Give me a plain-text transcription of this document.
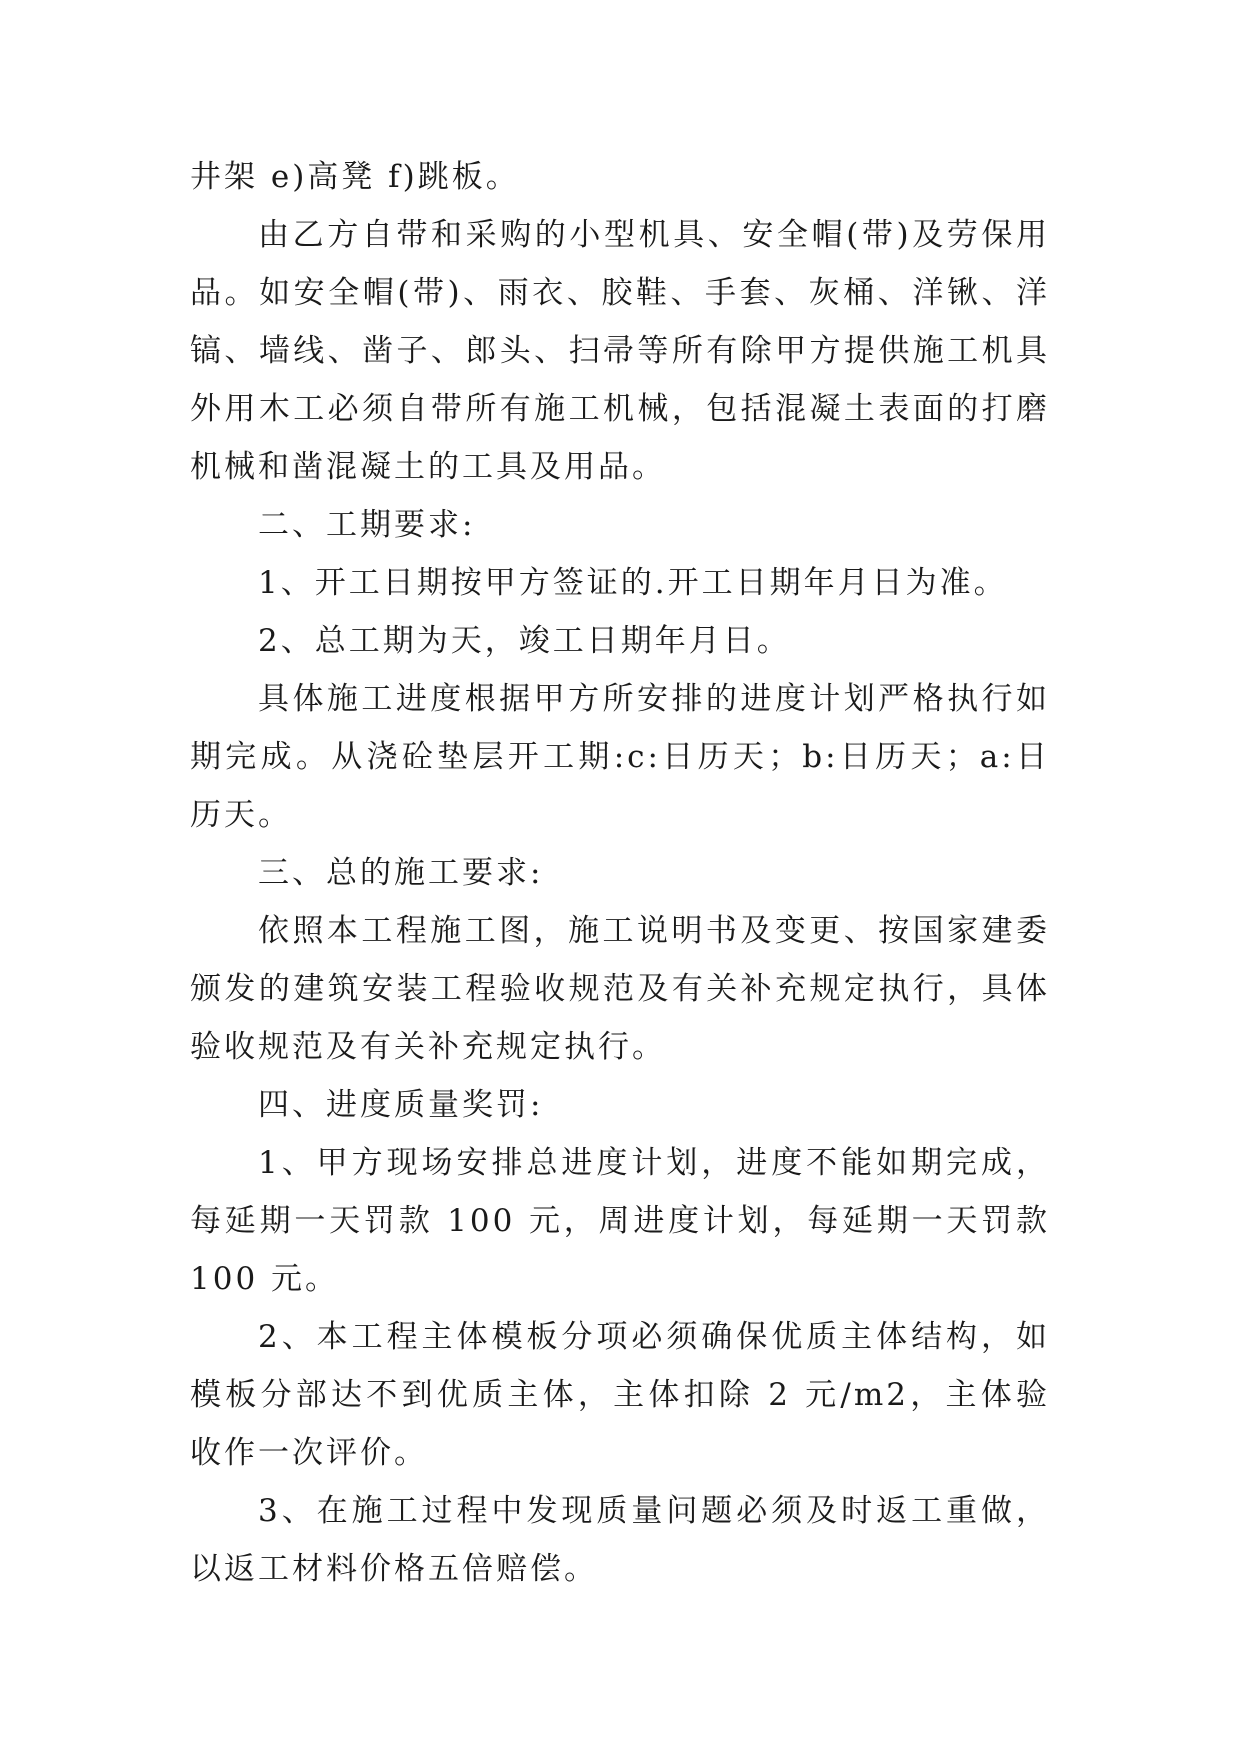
井架 e)高凳 f)跳板。

由乙方自带和采购的小型机具、安全帽(带)及劳保用品。如安全帽(带)、雨衣、胶鞋、手套、灰桶、洋锹、洋镐、墙线、凿子、郎头、扫帚等所有除甲方提供施工机具外用木工必须自带所有施工机械，包括混凝土表面的打磨机械和凿混凝土的工具及用品。

二、工期要求:

1、开工日期按甲方签证的.开工日期年月日为准。

2、总工期为天，竣工日期年月日。

具体施工进度根据甲方所安排的进度计划严格执行如期完成。从浇砼垫层开工期:c:日历天；b:日历天；a:日历天。

三、总的施工要求:

依照本工程施工图，施工说明书及变更、按国家建委颁发的建筑安装工程验收规范及有关补充规定执行，具体验收规范及有关补充规定执行。

四、进度质量奖罚:

1、甲方现场安排总进度计划，进度不能如期完成，每延期一天罚款 100 元，周进度计划，每延期一天罚款 100 元。

2、本工程主体模板分项必须确保优质主体结构，如模板分部达不到优质主体，主体扣除 2 元/m2，主体验收作一次评价。

3、在施工过程中发现质量问题必须及时返工重做，以返工材料价格五倍赔偿。
